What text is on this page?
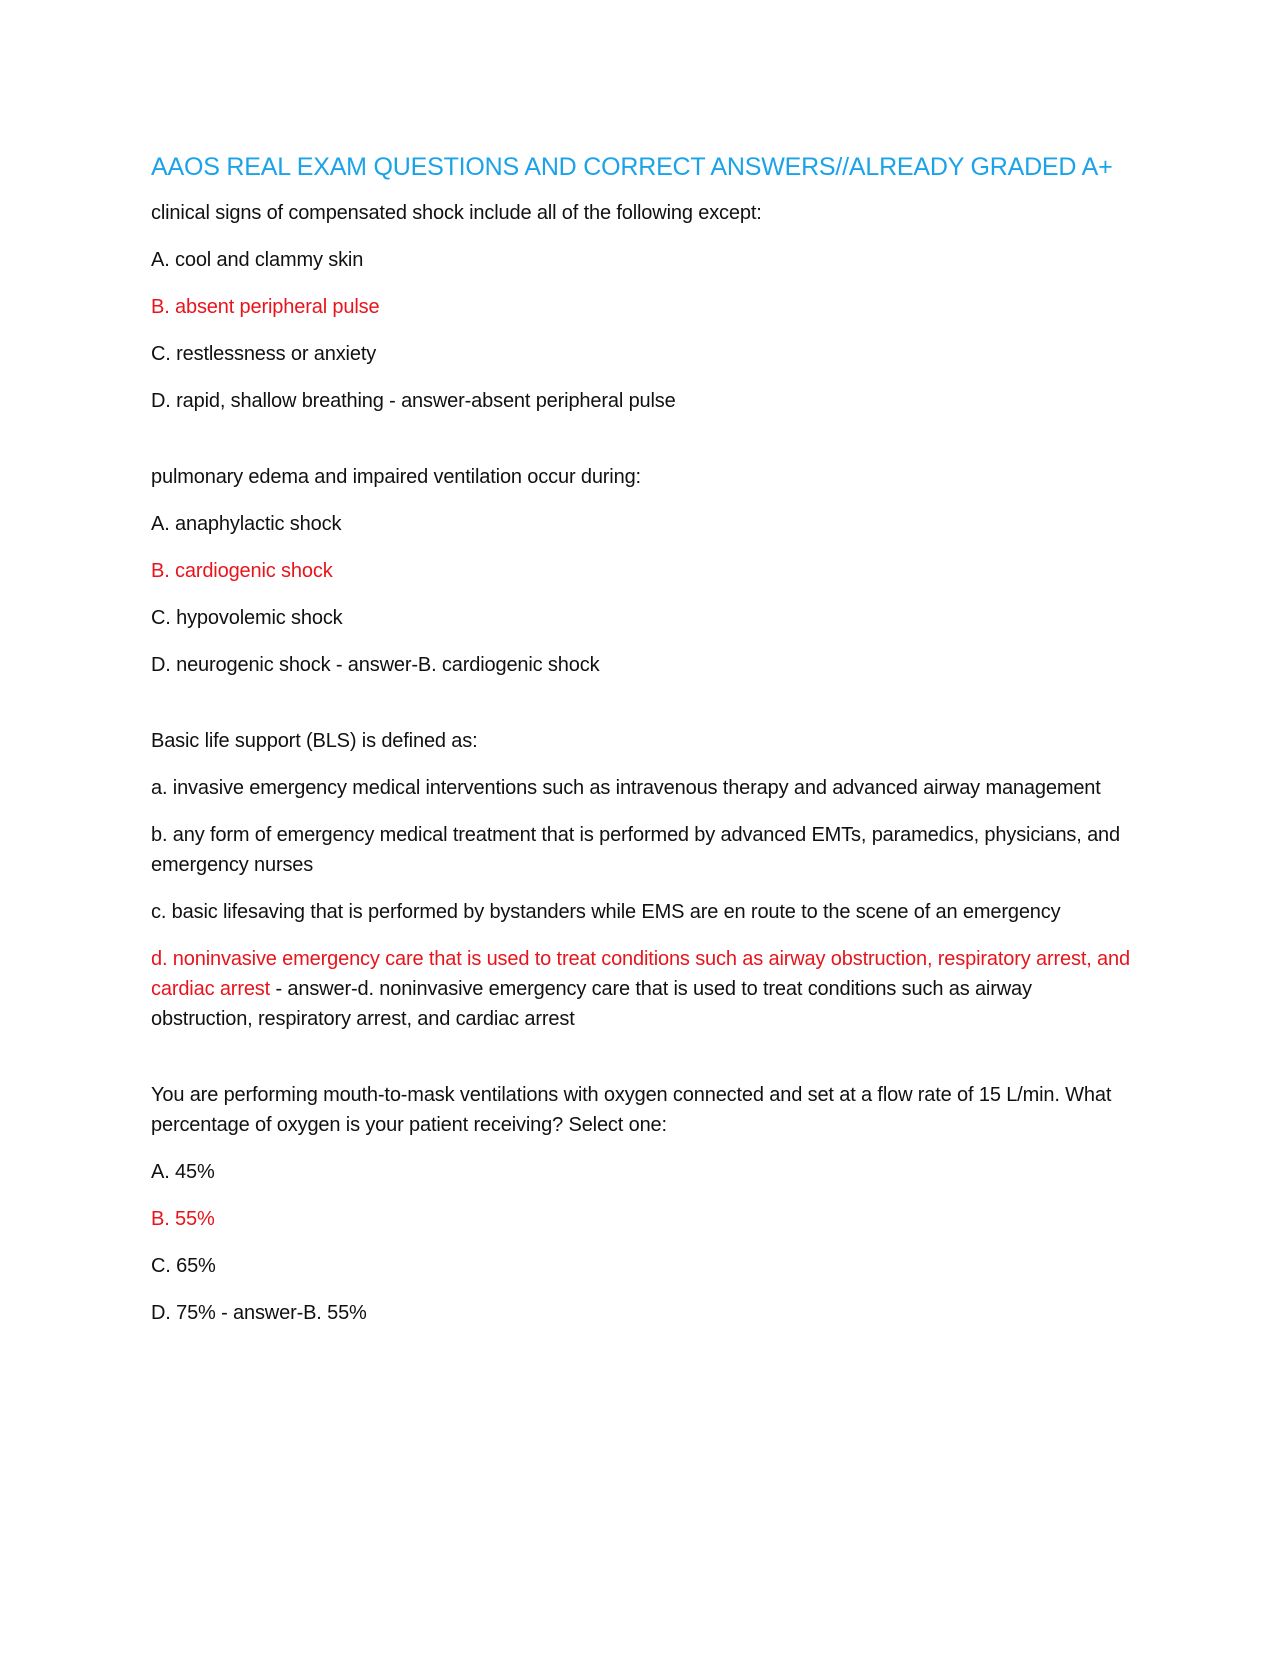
AAOS REAL EXAM QUESTIONS AND CORRECT ANSWERS//ALREADY GRADED A+

clinical signs of compensated shock include all of the following except:

A. cool and clammy skin

B. absent peripheral pulse

C. restlessness or anxiety

D. rapid, shallow breathing - answer-absent peripheral pulse

pulmonary edema and impaired ventilation occur during:

A. anaphylactic shock

B. cardiogenic shock

C. hypovolemic shock

D. neurogenic shock - answer-B. cardiogenic shock

Basic life support (BLS) is defined as:

a. invasive emergency medical interventions such as intravenous therapy and advanced airway management

b. any form of emergency medical treatment that is performed by advanced EMTs, paramedics, physicians, and emergency nurses

c. basic lifesaving that is performed by bystanders while EMS are en route to the scene of an emergency

d. noninvasive emergency care that is used to treat conditions such as airway obstruction, respiratory arrest, and cardiac arrest - answer-d. noninvasive emergency care that is used to treat conditions such as airway obstruction, respiratory arrest, and cardiac arrest

You are performing mouth-to-mask ventilations with oxygen connected and set at a flow rate of 15 L/min. What percentage of oxygen is your patient receiving? Select one:

A. 45%

B. 55%

C. 65%

D. 75% - answer-B. 55%
